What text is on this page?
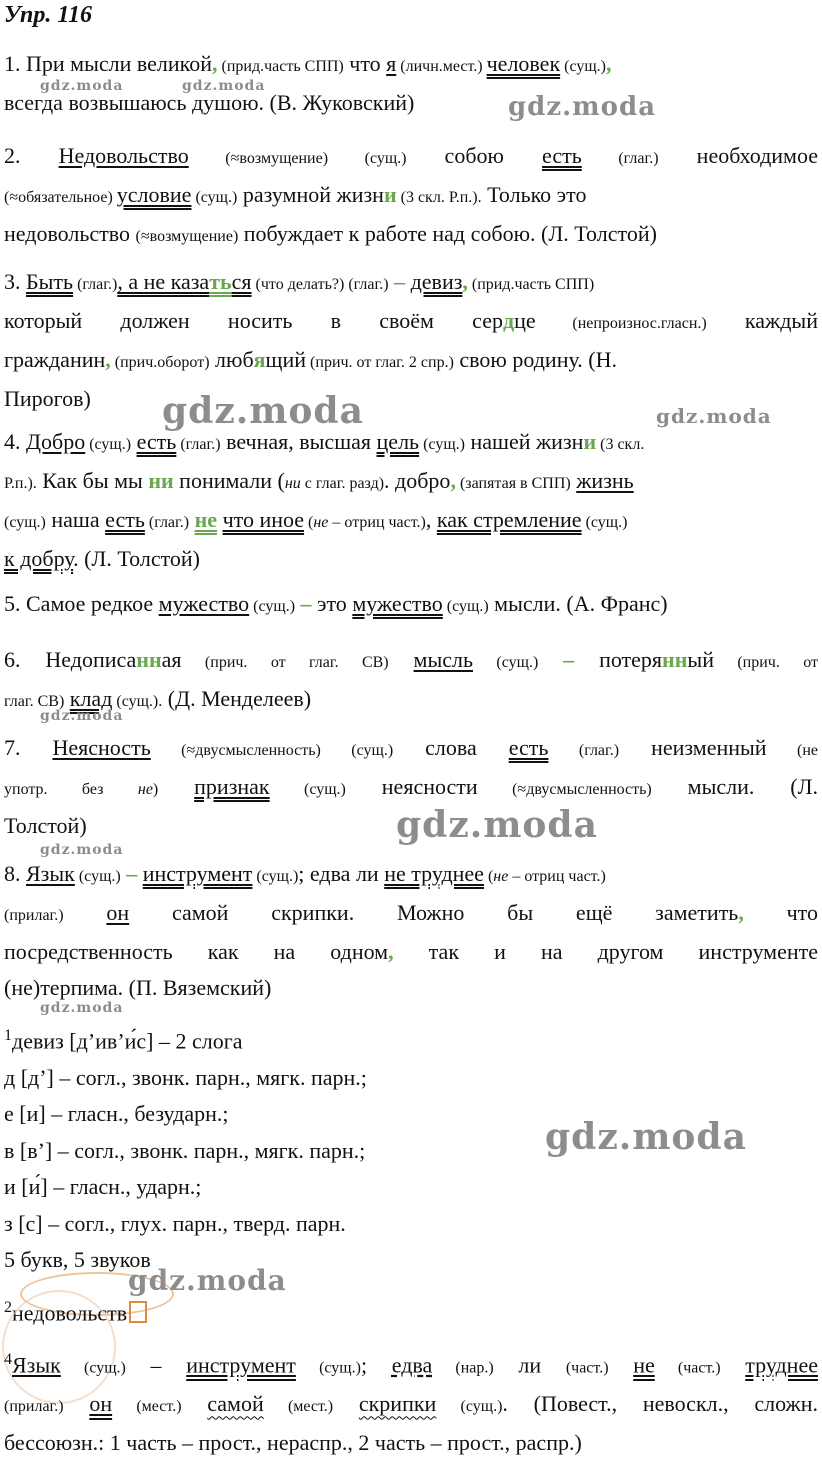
Упр. 116
1. При мысли великой, (прид.часть СПП) что я (личн.мест.) человек (сущ.),
всегда возвышаюсь душою. (В. Жуковский)
2. Недовольство (≈возмущение) (сущ.) собою есть (глаг.) необходимое
(≈обязательное) условие (сущ.) разумной жизни (3 скл. Р.п.). Только это
недовольство (≈возмущение) побуждает к работе над собою. (Л. Толстой)
3. Быть (глаг.), а не казаться (что делать?) (глаг.) – девиз, (прид.часть СПП)
который должен носить в своём сердце (непроизнос.гласн.) каждый
гражданин, (прич.оборот) любящий (прич. от глаг. 2 спр.) свою родину. (Н.
Пирогов)
4. Добро (сущ.) есть (глаг.) вечная, высшая цель (сущ.) нашей жизни (3 скл.
Р.п.). Как бы мы ни понимали (ни с глаг. разд). добро, (запятая в СПП) жизнь
(сущ.) наша есть (глаг.) не что иное (не – отриц част.), как стремление (сущ.)
к добру. (Л. Толстой)
5. Самое редкое мужество (сущ.) – это мужество (сущ.) мысли. (А. Франс)
6. Недописанная (прич. от глаг. СВ) мысль (сущ.) – потерянный (прич. от
глаг. СВ) клад (сущ.). (Д. Менделеев)
7. Неясность (≈двусмысленность) (сущ.) слова есть (глаг.) неизменный (не
употр. без не) признак (сущ.) неясности (≈двусмысленность) мысли. (Л.
Толстой)
8. Язык (сущ.) – инструмент (сущ.); едва ли не труднее (не – отриц част.)
(прилаг.) он самой скрипки. Можно бы ещё заметить, что
посредственность как на одном, так и на другом инструменте
(не)терпима. (П. Вяземский)
$^1$девиз [д’ив’и́с] – 2 слога
д [д’] – согл., звонк. парн., мягк. парн.;
е [и] – гласн., безударн.;
в [в’] – согл., звонк. парн., мягк. парн.;
и [и́] – гласн., ударн.;
з [с] – согл., глух. парн., тверд. парн.
5 букв, 5 звуков
$^2$недовольств
$^4$Язык (сущ.) – инструмент (сущ.); едва (нар.) ли (част.) не (част.) труднее
(прилаг.) он (мест.) самой (мест.) скрипки (сущ.). (Повест., невоскл., сложн.
бессоюзн.: 1 часть – прост., нераспр., 2 часть – прост., распр.)
gdz.moda	gdz.moda
gdz.moda
gdz.moda	gdz.moda
gdz.moda
gdz.moda
gdz.moda
gdz.moda
gdz.moda
gdz.moda
